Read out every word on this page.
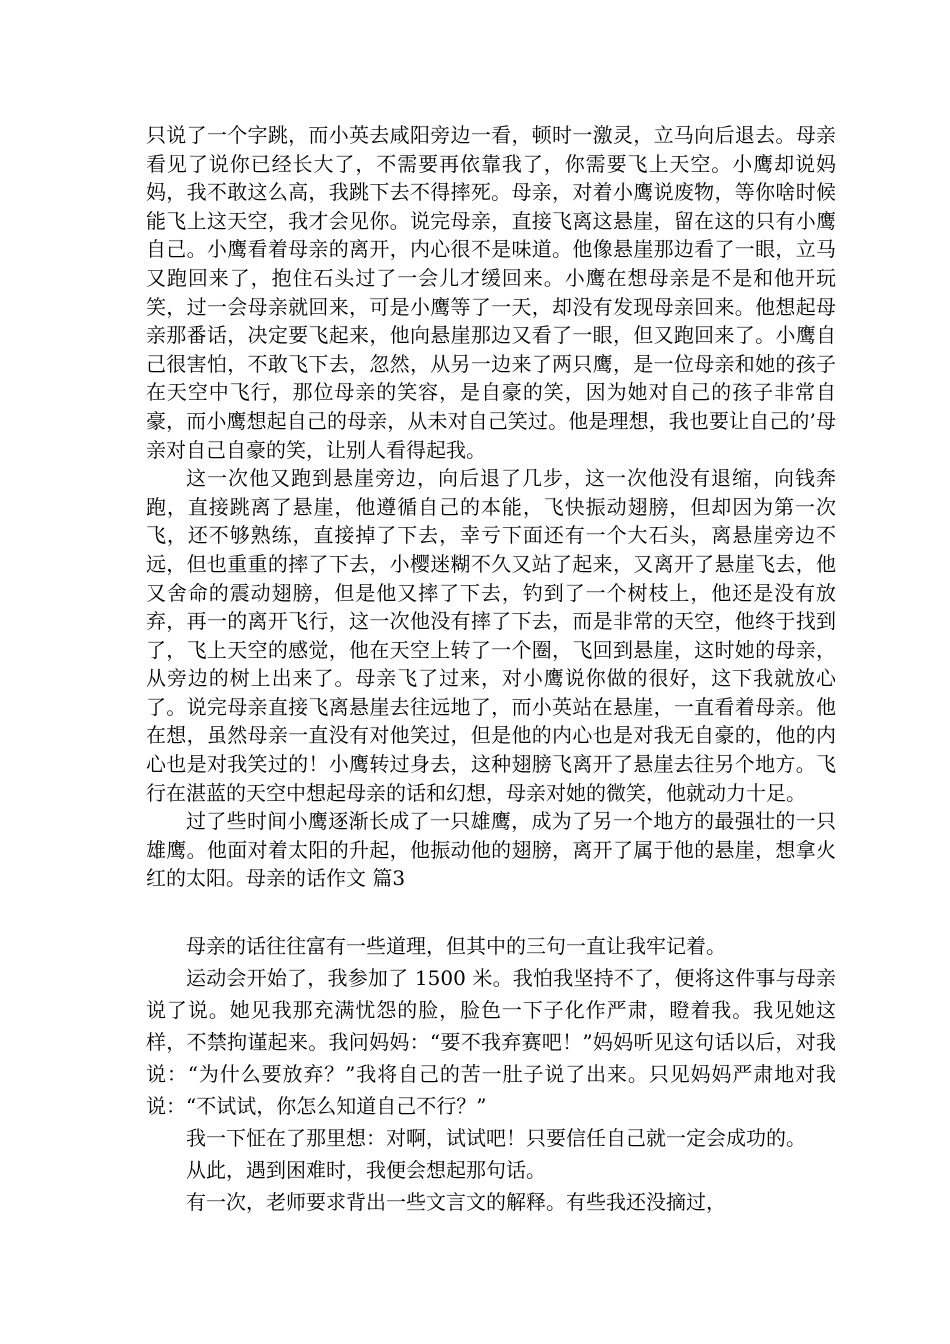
只说了一个字跳，而小英去咸阳旁边一看，顿时一激灵，立马向后退去。母亲看见了说你已经长大了，不需要再依靠我了，你需要飞上天空。小鹰却说妈妈，我不敢这么高，我跳下去不得摔死。母亲，对着小鹰说废物，等你啥时候能飞上这天空，我才会见你。说完母亲，直接飞离这悬崖，留在这的只有小鹰自己。小鹰看着母亲的离开，内心很不是味道。他像悬崖那边看了一眼，立马又跑回来了，抱住石头过了一会儿才缓回来。小鹰在想母亲是不是和他开玩笑，过一会母亲就回来，可是小鹰等了一天，却没有发现母亲回来。他想起母亲那番话，决定要飞起来，他向悬崖那边又看了一眼，但又跑回来了。小鹰自己很害怕，不敢飞下去，忽然，从另一边来了两只鹰，是一位母亲和她的孩子在天空中飞行，那位母亲的笑容，是自豪的笑，因为她对自己的孩子非常自豪，而小鹰想起自己的母亲，从未对自己笑过。他是理想，我也要让自己的’母亲对自己自豪的笑，让别人看得起我。

这一次他又跑到悬崖旁边，向后退了几步，这一次他没有退缩，向钱奔跑，直接跳离了悬崖，他遵循自己的本能，飞快振动翅膀，但却因为第一次飞，还不够熟练，直接掉了下去，幸亏下面还有一个大石头，离悬崖旁边不远，但也重重的摔了下去，小樱迷糊不久又站了起来，又离开了悬崖飞去，他又舍命的震动翅膀，但是他又摔了下去，钓到了一个树枝上，他还是没有放弃，再一的离开飞行，这一次他没有摔了下去，而是非常的天空，他终于找到了，飞上天空的感觉，他在天空上转了一个圈，飞回到悬崖，这时她的母亲，从旁边的树上出来了。母亲飞了过来，对小鹰说你做的很好，这下我就放心了。说完母亲直接飞离悬崖去往远地了，而小英站在悬崖，一直看着母亲。他在想，虽然母亲一直没有对他笑过，但是他的内心也是对我无自豪的，他的内心也是对我笑过的！小鹰转过身去，这种翅膀飞离开了悬崖去往另个地方。飞行在湛蓝的天空中想起母亲的话和幻想，母亲对她的微笑，他就动力十足。

过了些时间小鹰逐渐长成了一只雄鹰，成为了另一个地方的最强壮的一只雄鹰。他面对着太阳的升起，他振动他的翅膀，离开了属于他的悬崖，想拿火红的太阳。母亲的话作文 篇3

母亲的话往往富有一些道理，但其中的三句一直让我牢记着。

运动会开始了，我参加了 1500 米。我怕我坚持不了，便将这件事与母亲说了说。她见我那充满忧怨的脸，脸色一下子化作严肃，瞪着我。我见她这样，不禁拘谨起来。我问妈妈：“要不我弃赛吧！”妈妈听见这句话以后，对我说：“为什么要放弃？”我将自己的苦一肚子说了出来。只见妈妈严肃地对我说：“不试试，你怎么知道自己不行？”

我一下怔在了那里想：对啊，试试吧！只要信任自己就一定会成功的。

从此，遇到困难时，我便会想起那句话。

有一次，老师要求背出一些文言文的解释。有些我还没摘过，
